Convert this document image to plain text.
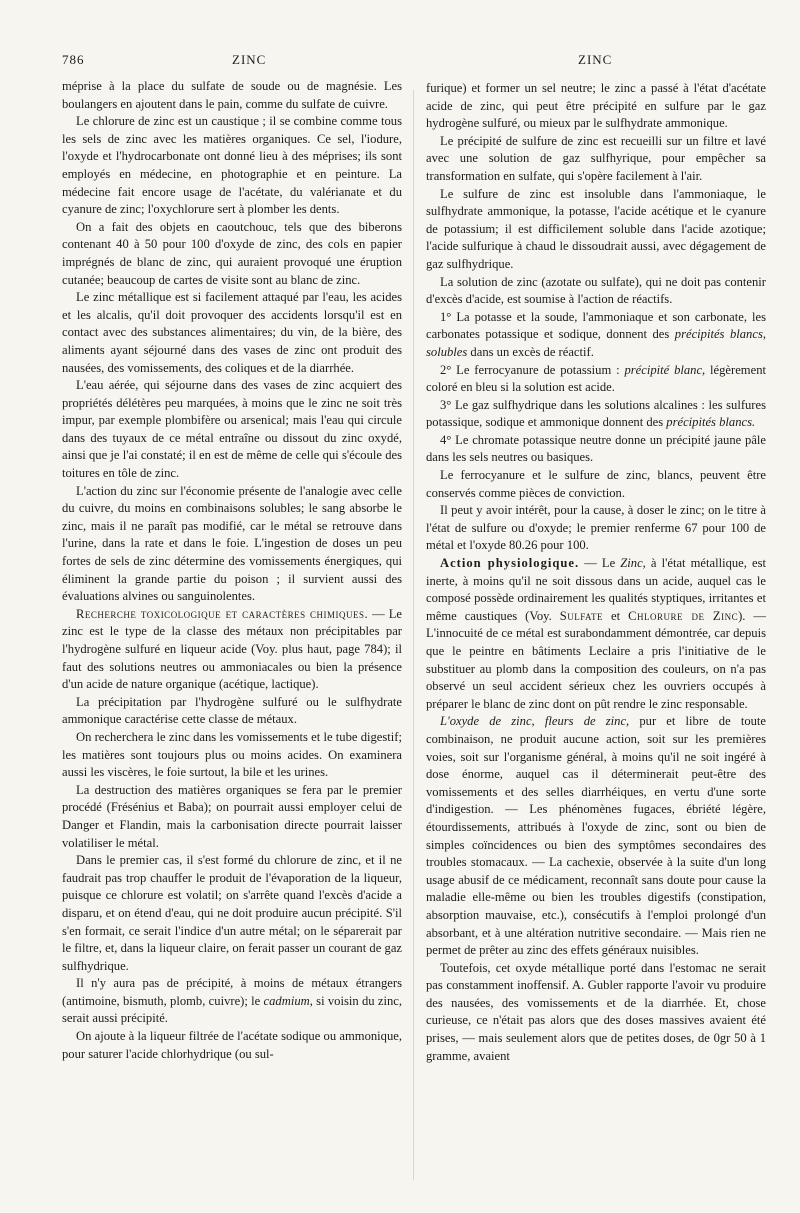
786	ZINC	ZINC

méprise à la place du sulfate de soude ou de magnésie. Les boulangers en ajoutent dans le pain, comme du sulfate de cuivre.

Le chlorure de zinc est un caustique ; il se combine comme tous les sels de zinc avec les matières organiques. Ce sel, l'iodure, l'oxyde et l'hydrocarbonate ont donné lieu à des méprises; ils sont employés en médecine, en photographie et en peinture. La médecine fait encore usage de l'acétate, du valérianate et du cyanure de zinc; l'oxychlorure sert à plomber les dents.

On a fait des objets en caoutchouc, tels que des biberons contenant 40 à 50 pour 100 d'oxyde de zinc, des cols en papier imprégnés de blanc de zinc, qui auraient provoqué une éruption cutanée; beaucoup de cartes de visite sont au blanc de zinc.

Le zinc métallique est si facilement attaqué par l'eau, les acides et les alcalis, qu'il doit provoquer des accidents lorsqu'il est en contact avec des substances alimentaires; du vin, de la bière, des aliments ayant séjourné dans des vases de zinc ont produit des nausées, des vomissements, des coliques et de la diarrhée.

L'eau aérée, qui séjourne dans des vases de zinc acquiert des propriétés délétères peu marquées, à moins que le zinc ne soit très impur, par exemple plombifère ou arsenical; mais l'eau qui circule dans des tuyaux de ce métal entraîne ou dissout du zinc oxydé, ainsi que je l'ai constaté; il en est de même de celle qui s'écoule des toitures en tôle de zinc.

L'action du zinc sur l'économie présente de l'analogie avec celle du cuivre, du moins en combinaisons solubles; le sang absorbe le zinc, mais il ne paraît pas modifié, car le métal se retrouve dans l'urine, dans la rate et dans le foie. L'ingestion de doses un peu fortes de sels de zinc détermine des vomissements énergiques, qui éliminent la grande partie du poison ; il survient aussi des évaluations alvines ou sanguinolentes.

Recherche toxicologique et caractères chimiques. — Le zinc est le type de la classe des métaux non précipitables par l'hydrogène sulfuré en liqueur acide (Voy. plus haut, page 784); il faut des solutions neutres ou ammoniacales ou bien la présence d'un acide de nature organique (acétique, lactique).

La précipitation par l'hydrogène sulfuré ou le sulfhydrate ammonique caractérise cette classe de métaux.

On recherchera le zinc dans les vomissements et le tube digestif; les matières sont toujours plus ou moins acides. On examinera aussi les viscères, le foie surtout, la bile et les urines.

La destruction des matières organiques se fera par le premier procédé (Frésénius et Baba); on pourrait aussi employer celui de Danger et Flandin, mais la carbonisation directe pourrait laisser volatiliser le métal.

Dans le premier cas, il s'est formé du chlorure de zinc, et il ne faudrait pas trop chauffer le produit de l'évaporation de la liqueur, puisque ce chlorure est volatil; on s'arrête quand l'excès d'acide a disparu, et on étend d'eau, qui ne doit produire aucun précipité. S'il s'en formait, ce serait l'indice d'un autre métal; on le séparerait par le filtre, et, dans la liqueur claire, on ferait passer un courant de gaz sulfhydrique.

Il n'y aura pas de précipité, à moins de métaux étrangers (antimoine, bismuth, plomb, cuivre); le cadmium, si voisin du zinc, serait aussi précipité.

On ajoute à la liqueur filtrée de l'acétate sodique ou ammonique, pour saturer l'acide chlorhydrique (ou sul-

furique) et former un sel neutre; le zinc a passé à l'état d'acétate acide de zinc, qui peut être précipité en sulfure par le gaz hydrogène sulfuré, ou mieux par le sulfhydrate ammonique.

Le précipité de sulfure de zinc est recueilli sur un filtre et lavé avec une solution de gaz sulfhyrique, pour empêcher sa transformation en sulfate, qui s'opère facilement à l'air.

Le sulfure de zinc est insoluble dans l'ammoniaque, le sulfhydrate ammonique, la potasse, l'acide acétique et le cyanure de potassium; il est difficilement soluble dans l'acide azotique; l'acide sulfurique à chaud le dissoudrait aussi, avec dégagement de gaz sulfhydrique.

La solution de zinc (azotate ou sulfate), qui ne doit pas contenir d'excès d'acide, est soumise à l'action de réactifs.

1° La potasse et la soude, l'ammoniaque et son carbonate, les carbonates potassique et sodique, donnent des précipités blancs, solubles dans un excès de réactif.

2° Le ferrocyanure de potassium : précipité blanc, légèrement coloré en bleu si la solution est acide.

3° Le gaz sulfhydrique dans les solutions alcalines : les sulfures potassique, sodique et ammonique donnent des précipités blancs.

4° Le chromate potassique neutre donne un précipité jaune pâle dans les sels neutres ou basiques.

Le ferrocyanure et le sulfure de zinc, blancs, peuvent être conservés comme pièces de conviction.

Il peut y avoir intérêt, pour la cause, à doser le zinc; on le titre à l'état de sulfure ou d'oxyde; le premier renferme 67 pour 100 de métal et l'oxyde 80.26 pour 100.

Action physiologique. — Le Zinc, à l'état métallique, est inerte, à moins qu'il ne soit dissous dans un acide, auquel cas le composé possède ordinairement les qualités styptiques, irritantes et même caustiques (Voy. Sulfate et Chlorure de Zinc). — L'innocuité de ce métal est surabondamment démontrée, car depuis que le peintre en bâtiments Leclaire a pris l'initiative de le substituer au plomb dans la composition des couleurs, on n'a pas observé un seul accident sérieux chez les ouvriers occupés à préparer le blanc de zinc dont on pût rendre le zinc responsable.

L'oxyde de zinc, fleurs de zinc, pur et libre de toute combinaison, ne produit aucune action, soit sur les premières voies, soit sur l'organisme général, à moins qu'il ne soit ingéré à dose énorme, auquel cas il déterminerait peut-être des vomissements et des selles diarrhéiques, en vertu d'une sorte d'indigestion. — Les phénomènes fugaces, ébriété légère, étourdissements, attribués à l'oxyde de zinc, sont ou bien de simples coïncidences ou bien des symptômes secondaires des troubles stomacaux. — La cachexie, observée à la suite d'un long usage abusif de ce médicament, reconnaît sans doute pour cause la maladie elle-même ou bien les troubles digestifs (constipation, absorption mauvaise, etc.), consécutifs à l'emploi prolongé d'un absorbant, et à une altération nutritive secondaire. — Mais rien ne permet de prêter au zinc des effets généraux nuisibles.

Toutefois, cet oxyde métallique porté dans l'estomac ne serait pas constamment inoffensif. A. Gubler rapporte l'avoir vu produire des nausées, des vomissements et de la diarrhée. Et, chose curieuse, ce n'était pas alors que des doses massives avaient été prises, — mais seulement alors que de petites doses, de 0gr 50 à 1 gramme, avaient
